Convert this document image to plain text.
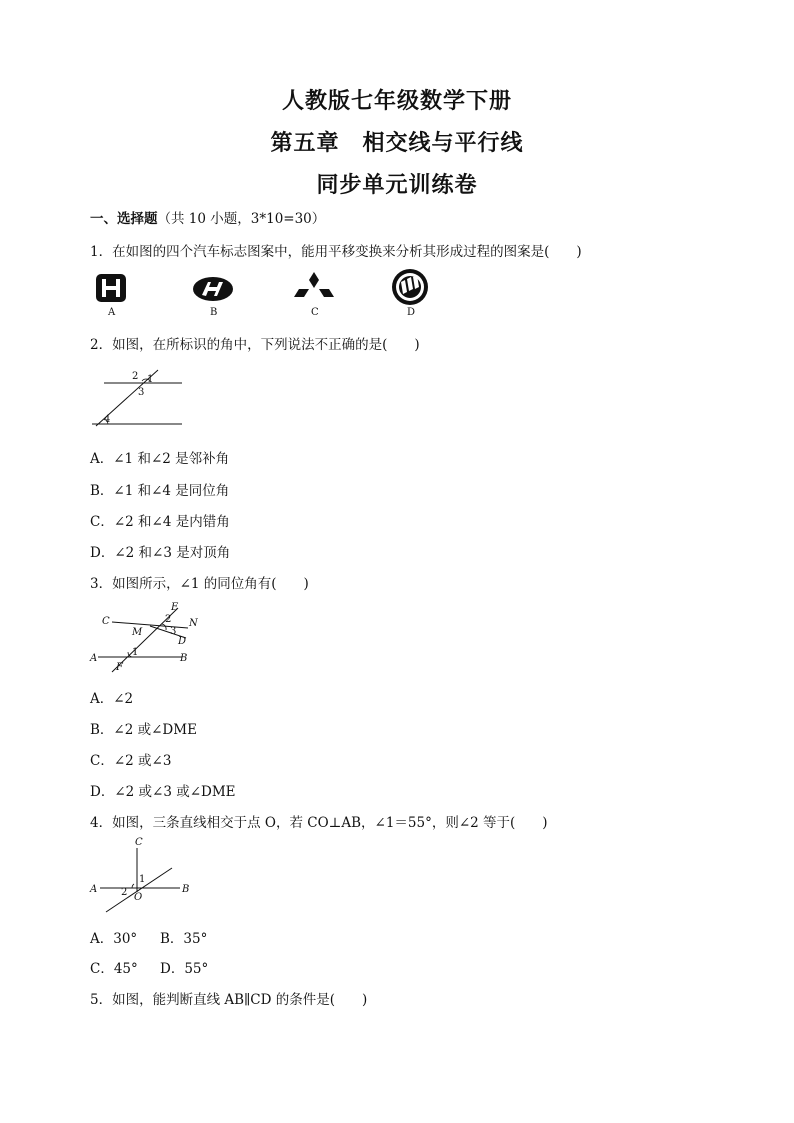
人教版七年级数学下册
第五章　相交线与平行线
同步单元训练卷
一、选择题（共 10 小题，3*10=30）
1．在如图的四个汽车标志图案中，能用平移变换来分析其形成过程的图案是(　　)
A	B	C	D
2．如图，在所标识的角中，下列说法不正确的是(　　)
2 1
3
4
A．∠1 和∠2 是邻补角
B．∠1 和∠4 是同位角
C．∠2 和∠4 是内错角
D．∠2 和∠3 是对顶角
3．如图所示，∠1 的同位角有(　　)
E
C	N
M
2
3
D
A
1
B
F
A．∠2
B．∠2 或∠DME
C．∠2 或∠3
D．∠2 或∠3 或∠DME
4．如图，三条直线相交于点 O，若 CO⊥AB，∠1＝55°，则∠2 等于(　　)
C
A
1
2 O
B
A．30° B．35°
C．45° D．55°
5．如图，能判断直线 AB∥CD 的条件是(　　)
